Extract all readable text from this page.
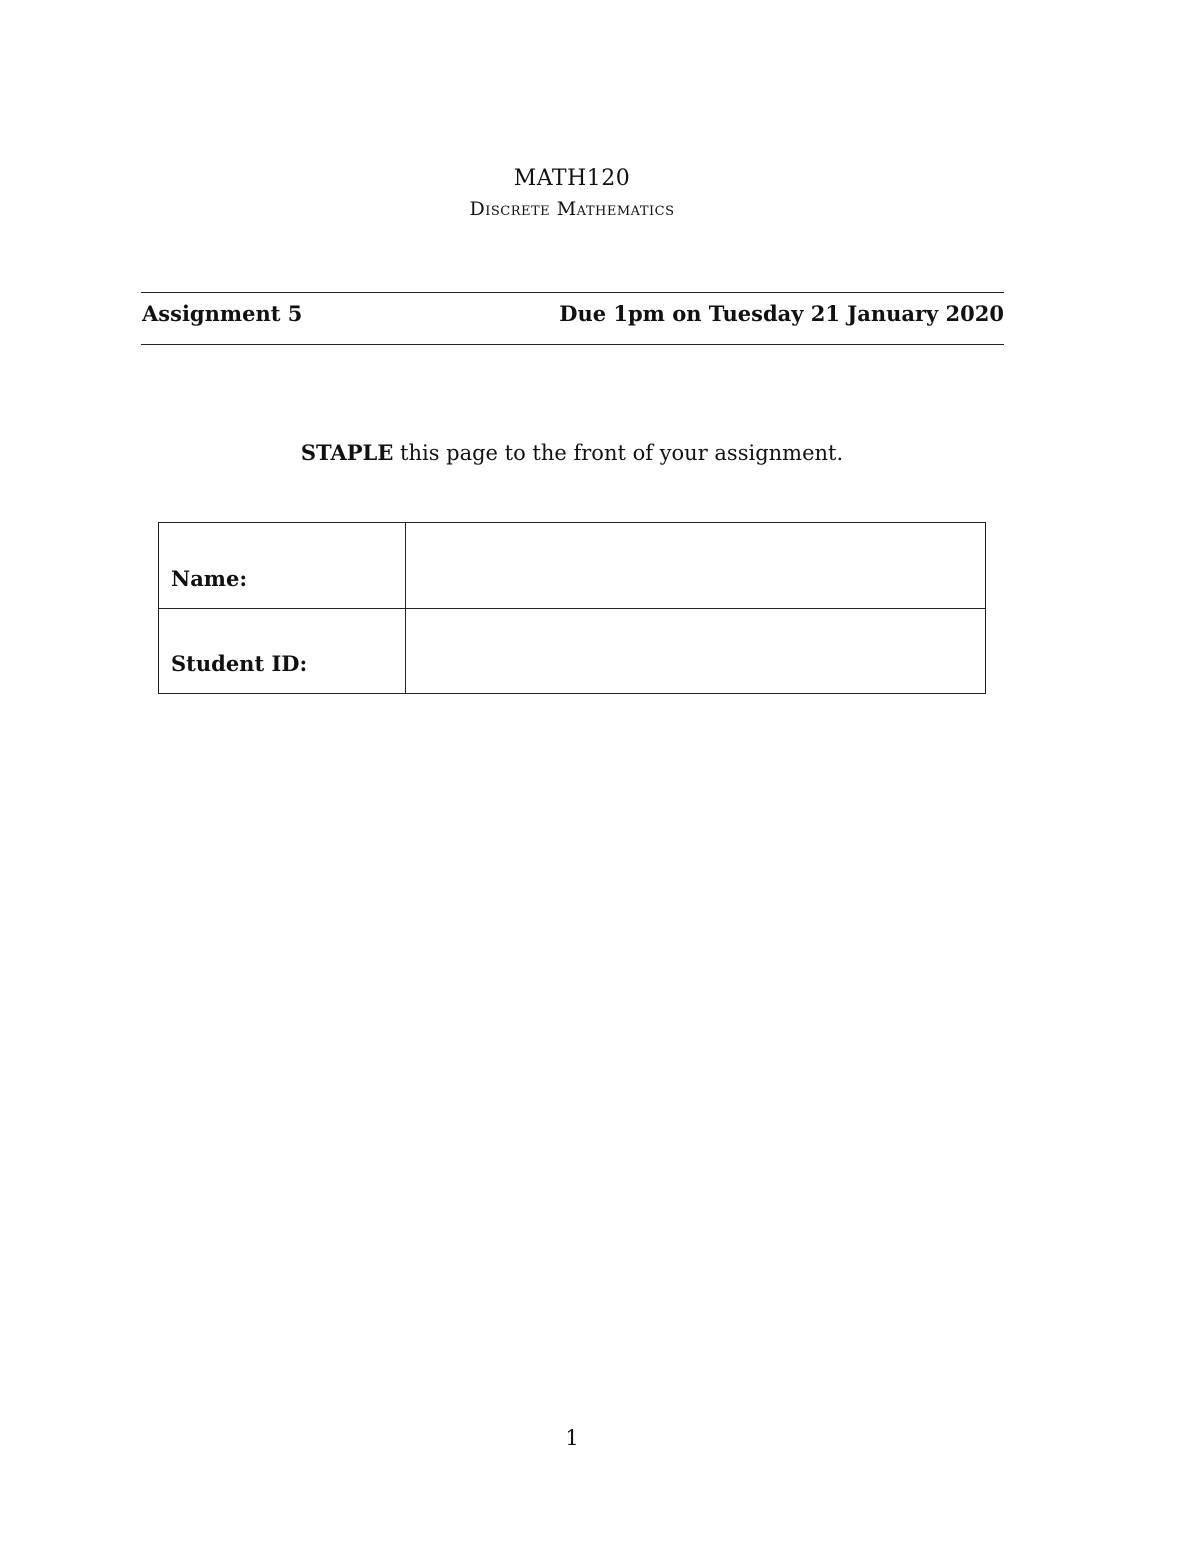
MATH120
Discrete Mathematics
Assignment 5	Due 1pm on Tuesday 21 January 2020
STAPLE this page to the front of your assignment.
Name:	
Student ID:	
1
